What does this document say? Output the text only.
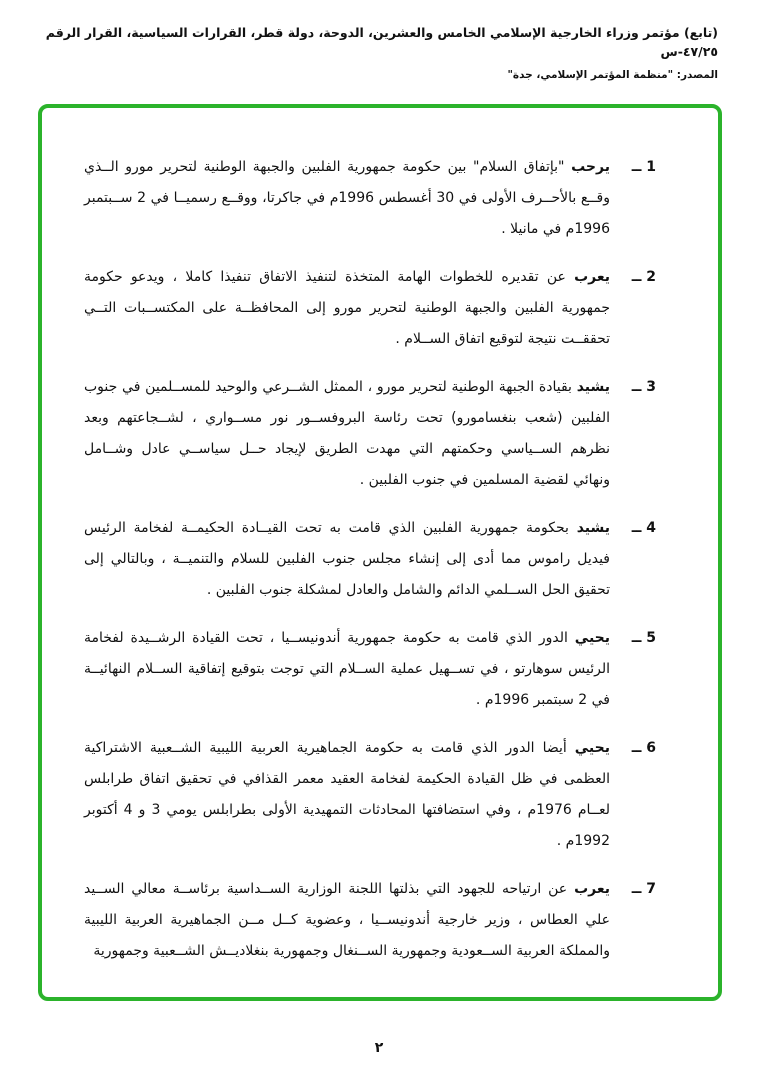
(تابع) مؤتمر وزراء الخارجية الإسلامي الخامس والعشرين، الدوحة، دولة قطر، القرارات السياسية، القرار الرقم ٤٧/٢٥-س
المصدر: "منظمة المؤتمر الإسلامي، جدة"
1 ــ

يرحب "بإتفاق السلام" بين حكومة جمهورية الفلبين والجبهة الوطنية لتحرير مورو الــذي وقــع بالأحــرف الأولى في 30 أغسطس 1996م في جاكرتا، ووقــع رسميــا في 2 ســبتمبر 1996م في مانيلا .

2 ــ

يعرب عن تقديره للخطوات الهامة المتخذة لتنفيذ الاتفاق تنفيذا كاملا ، ويدعو حكومة جمهورية الفلبين والجبهة الوطنية لتحرير مورو إلى المحافظــة على المكتســبات التــي تحققــت نتيجة لتوقيع اتفاق الســلام .

3 ــ

يشيد بقيادة الجبهة الوطنية لتحرير مورو ، الممثل الشــرعي والوحيد للمســلمين في جنوب الفلبين (شعب بنغسامورو) تحت رئاسة البروفســور نور مســواري ، لشــجاعتهم وبعد نظرهم الســياسي وحكمتهم التي مهدت الطريق لإيجاد حــل سياســي عادل وشــامل ونهائي لقضية المسلمين في جنوب الفلبين .

4 ــ

يشيد بحكومة جمهورية الفلبين الذي قامت به تحت القيــادة الحكيمــة لفخامة الرئيس فيديل راموس مما أدى إلى إنشاء مجلس جنوب الفلبين للسلام والتنميــة ، وبالتالي إلى تحقيق الحل الســلمي الدائم والشامل والعادل لمشكلة جنوب الفلبين .

5 ــ

يحيي الدور الذي قامت به حكومة جمهورية أندونيســيا ، تحت القيادة الرشــيدة لفخامة الرئيس سوهارتو ، في تســهيل عملية الســلام التي توجت بتوقيع إتفاقية الســلام النهائيــة في 2 سبتمبر 1996م .

6 ــ

يحيي أيضا الدور الذي قامت به حكومة الجماهيرية العربية الليبية الشــعبية الاشتراكية العظمى في ظل القيادة الحكيمة لفخامة العقيد معمر القذافي في تحقيق اتفاق طرابلس لعــام 1976م ، وفي استضافتها المحادثات التمهيدية الأولى بطرابلس يومي 3 و 4 أكتوبر 1992م .

7 ــ

يعرب عن ارتياحه للجهود التي بذلتها اللجنة الوزارية الســداسية برئاســة معالي الســيد علي العطاس ، وزير خارجية أندونيســيا ، وعضوية كــل مــن الجماهيرية العربية الليبية والمملكة العربية الســعودية وجمهورية الســنغال وجمهورية بنغلاديــش الشــعبية وجمهورية

٢
